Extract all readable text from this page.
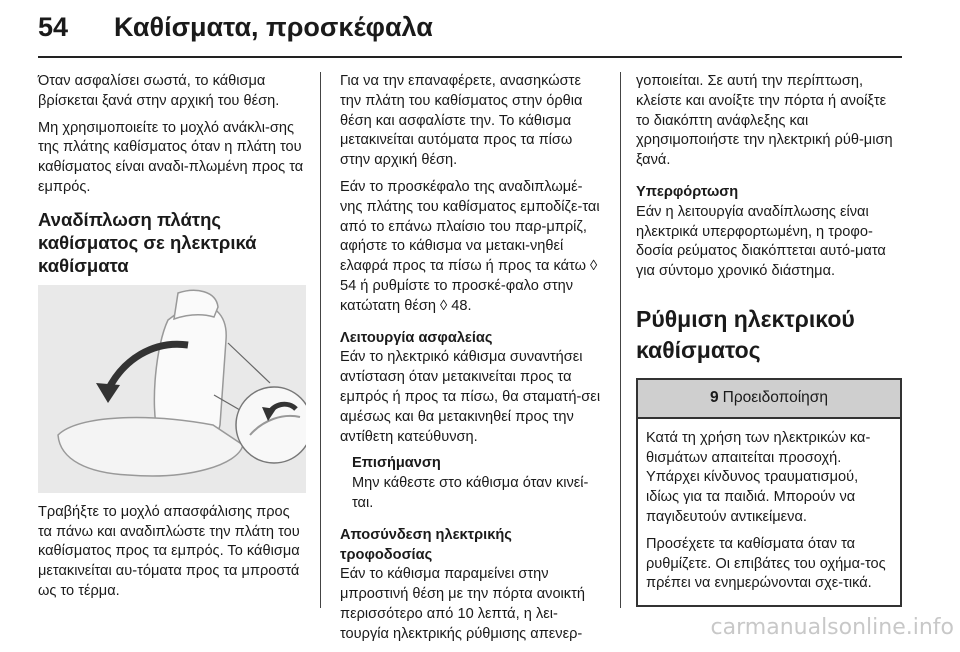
54 Καθίσματα, προσκέφαλα

Όταν ασφαλίσει σωστά, το κάθισμα βρίσκεται ξανά στην αρχική του θέση.

Μη χρησιμοποιείτε το μοχλό ανάκλι-σης της πλάτης καθίσματος όταν η πλάτη του καθίσματος είναι αναδι-πλωμένη προς τα εμπρός.

Αναδίπλωση πλάτης καθίσματος σε ηλεκτρικά καθίσματα

Τραβήξτε το μοχλό απασφάλισης προς τα πάνω και αναδιπλώστε την πλάτη του καθίσματος προς τα εμπρός. Το κάθισμα μετακινείται αυ-τόματα προς τα μπροστά ως το τέρμα.

Για να την επαναφέρετε, ανασηκώστε την πλάτη του καθίσματος στην όρθια θέση και ασφαλίστε την. Το κάθισμα μετακινείται αυτόματα προς τα πίσω στην αρχική θέση.

Εάν το προσκέφαλο της αναδιπλωμέ-νης πλάτης του καθίσματος εμποδίζε-ται από το επάνω πλαίσιο του παρ-μπρίζ, αφήστε το κάθισμα να μετακι-νηθεί ελαφρά προς τα πίσω ή προς τα κάτω ◊ 54 ή ρυθμίστε το προσκέ-φαλο στην κατώτατη θέση ◊ 48.

Λειτουργία ασφαλείας

Εάν το ηλεκτρικό κάθισμα συναντήσει αντίσταση όταν μετακινείται προς τα εμπρός ή προς τα πίσω, θα σταματή-σει αμέσως και θα μετακινηθεί προς την αντίθετη κατεύθυνση.

Επισήμανση

Μην κάθεστε στο κάθισμα όταν κινεί-ται.

Αποσύνδεση ηλεκτρικής τροφοδοσίας

Εάν το κάθισμα παραμείνει στην μπροστινή θέση με την πόρτα ανοικτή περισσότερο από 10 λεπτά, η λει-τουργία ηλεκτρικής ρύθμισης απενερ-

γοποιείται. Σε αυτή την περίπτωση, κλείστε και ανοίξτε την πόρτα ή ανοίξτε το διακόπτη ανάφλεξης και χρησιμοποιήστε την ηλεκτρική ρύθ-μιση ξανά.

Υπερφόρτωση

Εάν η λειτουργία αναδίπλωσης είναι ηλεκτρικά υπερφορτωμένη, η τροφο-δοσία ρεύματος διακόπτεται αυτό-ματα για σύντομο χρονικό διάστημα.

Ρύθμιση ηλεκτρικού καθίσματος
9 Προειδοποίηση

Κατά τη χρήση των ηλεκτρικών κα-θισμάτων απαιτείται προσοχή. Υπάρχει κίνδυνος τραυματισμού, ιδίως για τα παιδιά. Μπορούν να παγιδευτούν αντικείμενα.

Προσέχετε τα καθίσματα όταν τα ρυθμίζετε. Οι επιβάτες του οχήμα-τος πρέπει να ενημερώνονται σχε-τικά.

carmanualsonline.info
